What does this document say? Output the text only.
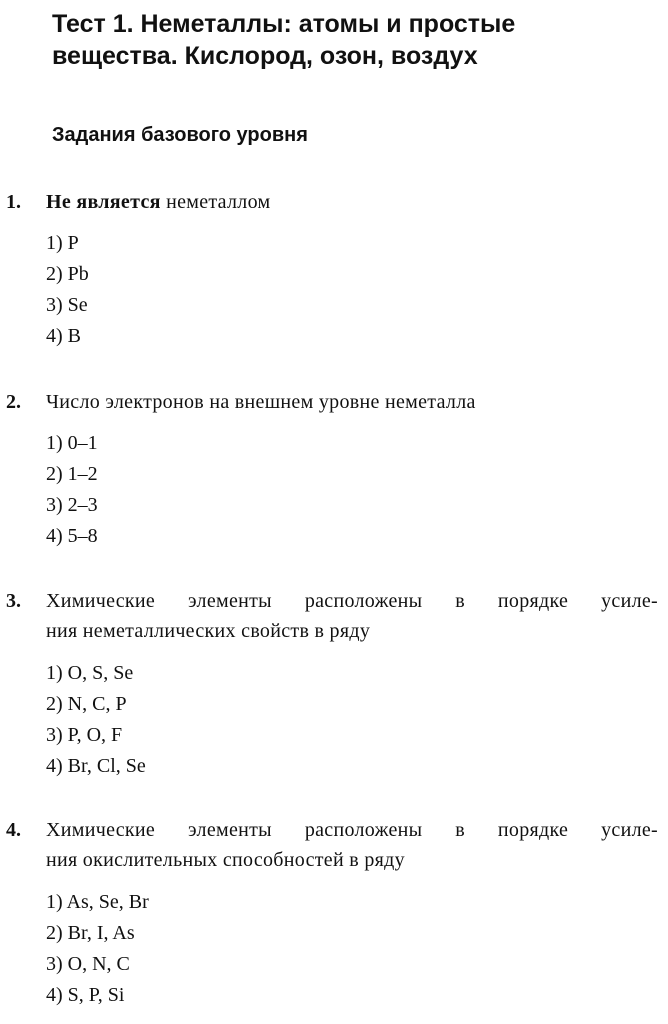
Тест 1. Неметаллы: атомы и простые
вещества. Кислород, озон, воздух
Задания базового уровня
1. Не является неметаллом
1) P
2) Pb
3) Se
4) B
2. Число электронов на внешнем уровне неметалла
1) 0–1
2) 1–2
3) 2–3
4) 5–8
3. Химические элементы расположены в порядке усиле-
ния неметаллических свойств в ряду
1) O, S, Se
2) N, C, P
3) P, O, F
4) Br, Cl, Se
4. Химические элементы расположены в порядке усиле-
ния окислительных способностей в ряду
1) As, Se, Br
2) Br, I, As
3) O, N, C
4) S, P, Si
